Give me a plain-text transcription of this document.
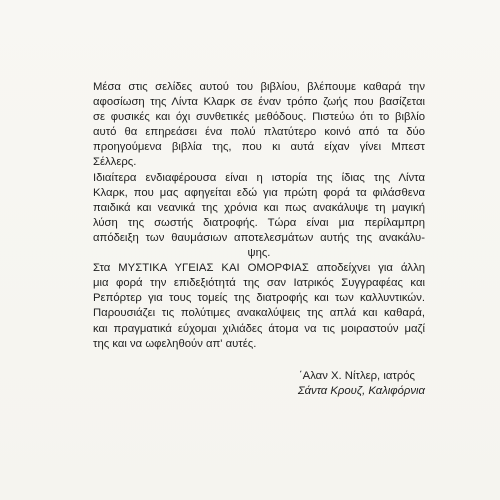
Μέσα στις σελίδες αυτού του βιβλίου, βλέπουμε καθαρά την
αφοσίωση της Λίντα Κλαρκ σε έναν τρόπο ζωής που βασίζεται
σε φυσικές και όχι συνθετικές μεθόδους. Πιστεύω ότι το βιβλίο
αυτό θα επηρεάσει ένα πολύ πλατύτερο κοινό από τα δύο
προηγούμενα βιβλία της, που κι αυτά είχαν γίνει Μπεστ
Σέλλερς.
Ιδιαίτερα ενδιαφέρουσα είναι η ιστορία της ίδιας της Λίντα
Κλαρκ, που μας αφηγείται εδώ για πρώτη φορά τα φιλάσθενα
παιδικά και νεανικά της χρόνια και πως ανακάλυψε τη μαγική
λύση της σωστής διατροφής. Τώρα είναι μια περίλαμπρη
απόδειξη των θαυμάσιων αποτελεσμάτων αυτής της ανακάλυ-
ψης.
Στα ΜΥΣΤΙΚΑ ΥΓΕΙΑΣ ΚΑΙ ΟΜΟΡΦΙΑΣ αποδείχνει για άλλη
μια φορά την επιδεξιότητά της σαν Ιατρικός Συγγραφέας και
Ρεπόρτερ για τους τομείς της διατροφής και των καλλυντικών.
Παρουσιάζει τις πολύτιμες ανακαλύψεις της απλά και καθαρά,
και πραγματικά εύχομαι χιλιάδες άτομα να τις μοιραστούν μαζί
της και να ωφεληθούν απ' αυτές.
΄Αλαν Χ. Νίτλερ, ιατρός
Σάντα Κρουζ, Καλιφόρνια
